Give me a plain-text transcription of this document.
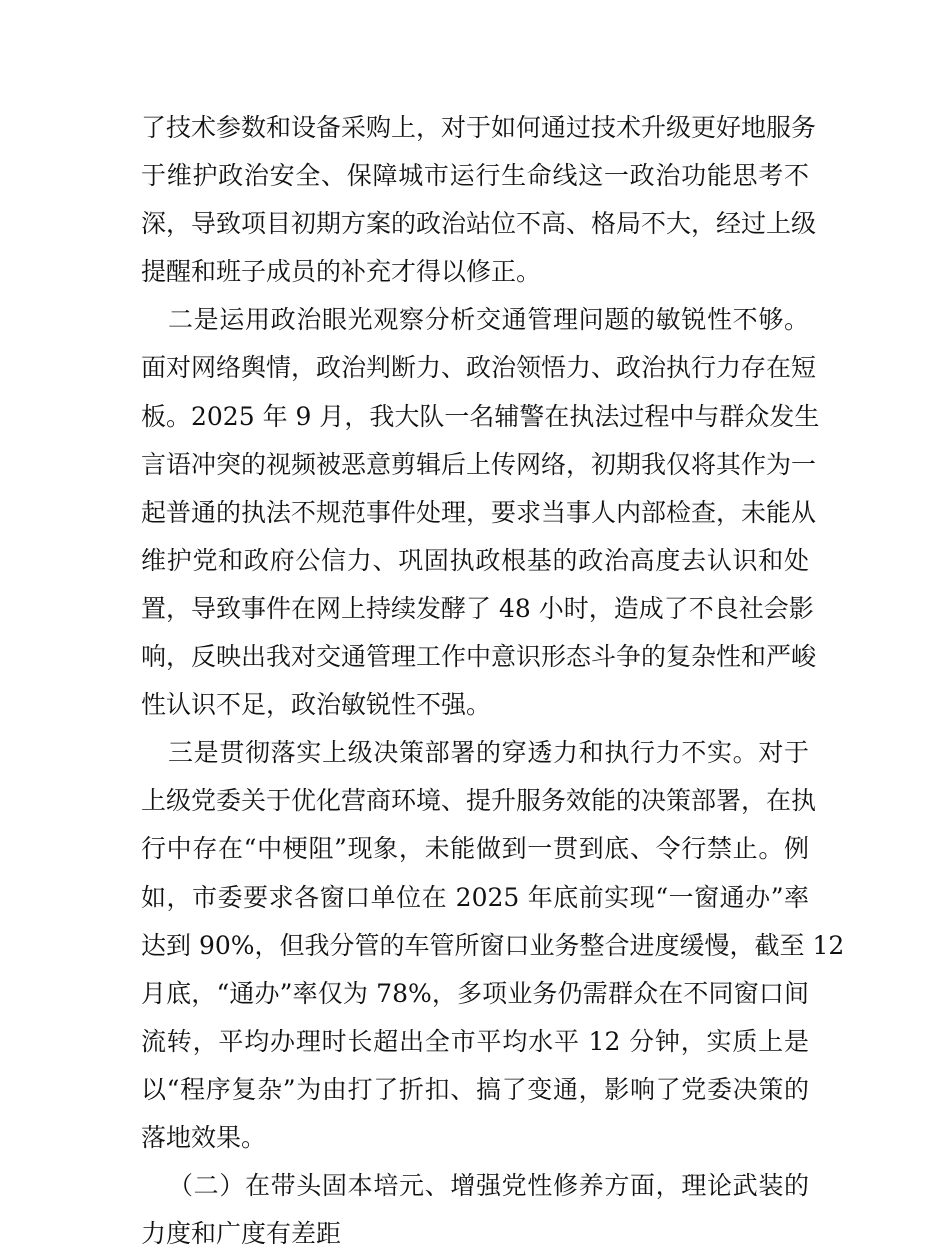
了技术参数和设备采购上，对于如何通过技术升级更好地服务
于维护政治安全、保障城市运行生命线这一政治功能思考不
深，导致项目初期方案的政治站位不高、格局不大，经过上级
提醒和班子成员的补充才得以修正。
二是运用政治眼光观察分析交通管理问题的敏锐性不够。
面对网络舆情，政治判断力、政治领悟力、政治执行力存在短
板。2025 年 9 月，我大队一名辅警在执法过程中与群众发生
言语冲突的视频被恶意剪辑后上传网络，初期我仅将其作为一
起普通的执法不规范事件处理，要求当事人内部检查，未能从
维护党和政府公信力、巩固执政根基的政治高度去认识和处
置，导致事件在网上持续发酵了 48 小时，造成了不良社会影
响，反映出我对交通管理工作中意识形态斗争的复杂性和严峻
性认识不足，政治敏锐性不强。
三是贯彻落实上级决策部署的穿透力和执行力不实。对于
上级党委关于优化营商环境、提升服务效能的决策部署，在执
行中存在“中梗阻”现象，未能做到一贯到底、令行禁止。例
如，市委要求各窗口单位在 2025 年底前实现“一窗通办”率
达到 90%，但我分管的车管所窗口业务整合进度缓慢，截至 12
月底，“通办”率仅为 78%，多项业务仍需群众在不同窗口间
流转，平均办理时长超出全市平均水平 12 分钟，实质上是
以“程序复杂”为由打了折扣、搞了变通，影响了党委决策的
落地效果。
（二）在带头固本培元、增强党性修养方面，理论武装的
力度和广度有差距
